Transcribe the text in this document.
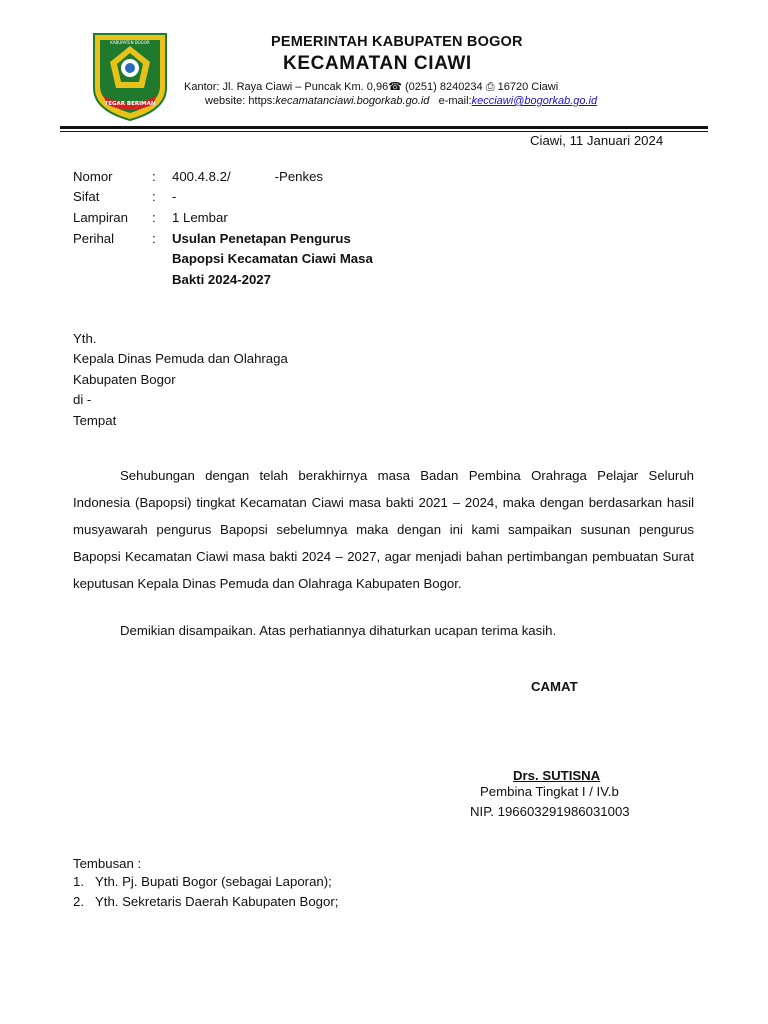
TEGAR BERIMAN
KABUPATEN BOGOR	PEMERINTAH KABUPATEN BOGOR
KECAMATAN CIAWI
Kantor: Jl. Raya Ciawi – Puncak Km. 0,96☎ (0251) 8240234 ⎙ 16720 Ciawi
website: https:kecamatanciawi.bogorkab.go.id e-mail:kecciawi@bogorkab.go.id
Ciawi, 11 Januari 2024
Nomor	: 400.4.8.2/            -Penkes
Sifat	: -
Lampiran : 1 Lembar
Perihal	: Usulan Penetapan Pengurus
Bapopsi Kecamatan Ciawi Masa
Bakti 2024-2027
Yth.
Kepala Dinas Pemuda dan Olahraga
Kabupaten Bogor
di -
Tempat
Sehubungan dengan telah berakhirnya masa Badan Pembina Orahraga Pelajar Seluruh Indonesia (Bapopsi) tingkat Kecamatan Ciawi masa bakti 2021 – 2024, maka dengan berdasarkan hasil musyawarah pengurus Bapopsi sebelumnya maka dengan ini kami sampaikan susunan pengurus Bapopsi Kecamatan Ciawi masa bakti 2024 – 2027, agar menjadi bahan pertimbangan pembuatan Surat keputusan Kepala Dinas Pemuda dan Olahraga Kabupaten Bogor.
Demikian disampaikan. Atas perhatiannya dihaturkan ucapan terima kasih.
CAMAT
Drs. SUTISNA
Pembina Tingkat I / IV.b
NIP. 196603291986031003
Tembusan :
1. Yth. Pj. Bupati Bogor (sebagai Laporan);
2. Yth. Sekretaris Daerah Kabupaten Bogor;
